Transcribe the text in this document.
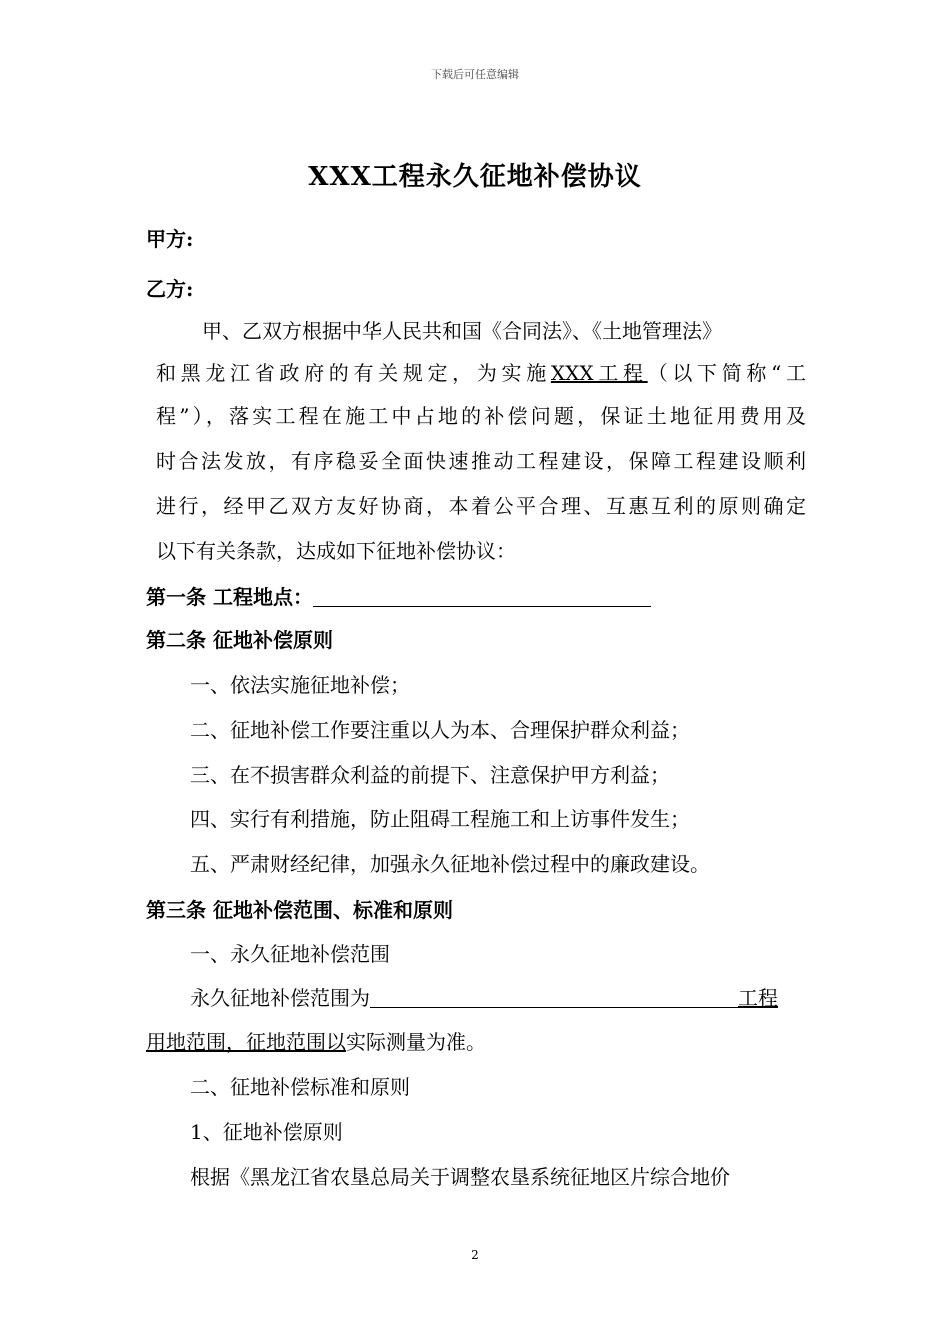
下载后可任意编辑
XXX工程永久征地补偿协议
甲方:
乙方:
甲、乙双方根据中华人民共和国《合同法》、《土地管理法》
和黑龙江省政府的有关规定，为实施XXX工程（以下简称“工
程”），落实工程在施工中占地的补偿问题，保证土地征用费用及
时合法发放，有序稳妥全面快速推动工程建设，保障工程建设顺利
进行，经甲乙双方友好协商，本着公平合理、互惠互利的原则确定
以下有关条款，达成如下征地补偿协议：
第一条 工程地点：
第二条 征地补偿原则
一、依法实施征地补偿；
二、征地补偿工作要注重以人为本、合理保护群众利益；
三、在不损害群众利益的前提下、注意保护甲方利益；
四、实行有利措施，防止阻碍工程施工和上访事件发生；
五、严肃财经纪律，加强永久征地补偿过程中的廉政建设。
第三条 征地补偿范围、标准和原则
一、永久征地补偿范围
永久征地补偿范围为	工程
用地范围，征地范围以实际测量为准。
二、征地补偿标准和原则
1、征地补偿原则
根据《黑龙江省农垦总局关于调整农垦系统征地区片综合地价
2
